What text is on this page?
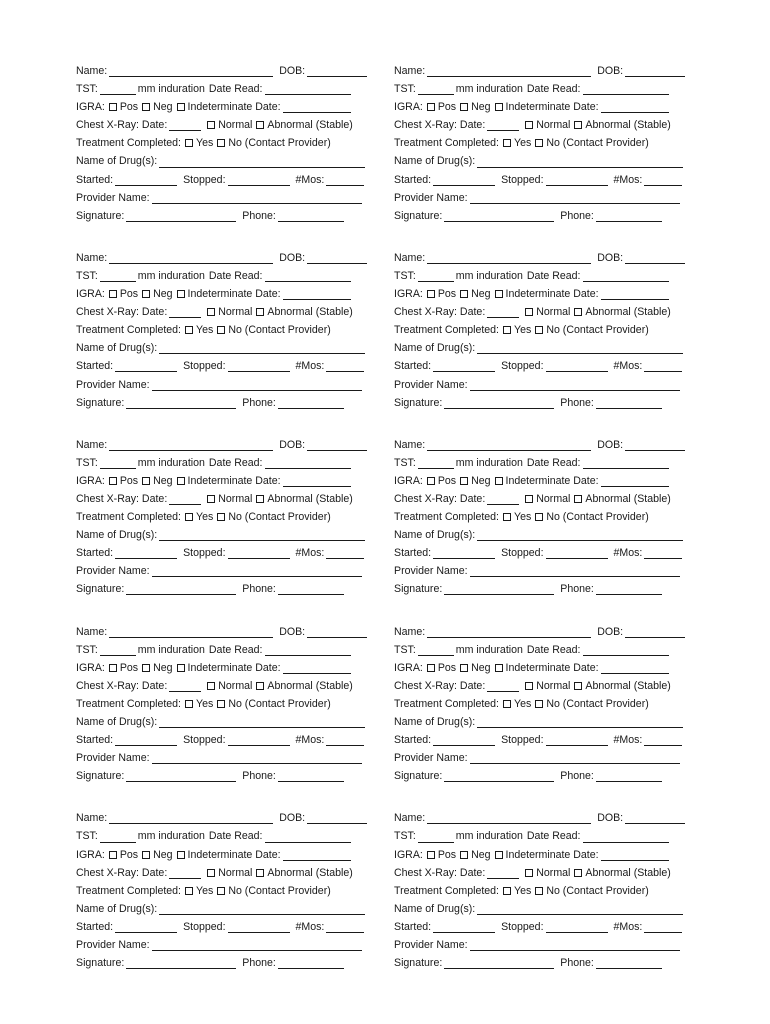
Name:	DOB:
TST:	mm induration Date Read:
IGRA: Pos Neg Indeterminate Date:
Chest X-Ray: Date:	Normal Abnormal (Stable)
Treatment Completed: Yes No (Contact Provider)
Name of Drug(s):
Started:	Stopped:	#Mos:
Provider Name:
Signature:	Phone:
Name:	DOB:
TST:	mm induration Date Read:
IGRA: Pos Neg Indeterminate Date:
Chest X-Ray: Date:	Normal Abnormal (Stable)
Treatment Completed: Yes No (Contact Provider)
Name of Drug(s):
Started:	Stopped:	#Mos:
Provider Name:
Signature:	Phone:
Name:	DOB:
TST:	mm induration Date Read:
IGRA: Pos Neg Indeterminate Date:
Chest X-Ray: Date:	Normal Abnormal (Stable)
Treatment Completed: Yes No (Contact Provider)
Name of Drug(s):
Started:	Stopped:	#Mos:
Provider Name:
Signature:	Phone:
Name:	DOB:
TST:	mm induration Date Read:
IGRA: Pos Neg Indeterminate Date:
Chest X-Ray: Date:	Normal Abnormal (Stable)
Treatment Completed: Yes No (Contact Provider)
Name of Drug(s):
Started:	Stopped:	#Mos:
Provider Name:
Signature:	Phone:
Name:	DOB:
TST:	mm induration Date Read:
IGRA: Pos Neg Indeterminate Date:
Chest X-Ray: Date:	Normal Abnormal (Stable)
Treatment Completed: Yes No (Contact Provider)
Name of Drug(s):
Started:	Stopped:	#Mos:
Provider Name:
Signature:	Phone:
Name:	DOB:
TST:	mm induration Date Read:
IGRA: Pos Neg Indeterminate Date:
Chest X-Ray: Date:	Normal Abnormal (Stable)
Treatment Completed: Yes No (Contact Provider)
Name of Drug(s):
Started:	Stopped:	#Mos:
Provider Name:
Signature:	Phone:
Name:	DOB:
TST:	mm induration Date Read:
IGRA: Pos Neg Indeterminate Date:
Chest X-Ray: Date:	Normal Abnormal (Stable)
Treatment Completed: Yes No (Contact Provider)
Name of Drug(s):
Started:	Stopped:	#Mos:
Provider Name:
Signature:	Phone:
Name:	DOB:
TST:	mm induration Date Read:
IGRA: Pos Neg Indeterminate Date:
Chest X-Ray: Date:	Normal Abnormal (Stable)
Treatment Completed: Yes No (Contact Provider)
Name of Drug(s):
Started:	Stopped:	#Mos:
Provider Name:
Signature:	Phone:
Name:	DOB:
TST:	mm induration Date Read:
IGRA: Pos Neg Indeterminate Date:
Chest X-Ray: Date:	Normal Abnormal (Stable)
Treatment Completed: Yes No (Contact Provider)
Name of Drug(s):
Started:	Stopped:	#Mos:
Provider Name:
Signature:	Phone:
Name:	DOB:
TST:	mm induration Date Read:
IGRA: Pos Neg Indeterminate Date:
Chest X-Ray: Date:	Normal Abnormal (Stable)
Treatment Completed: Yes No (Contact Provider)
Name of Drug(s):
Started:	Stopped:	#Mos:
Provider Name:
Signature:	Phone:
